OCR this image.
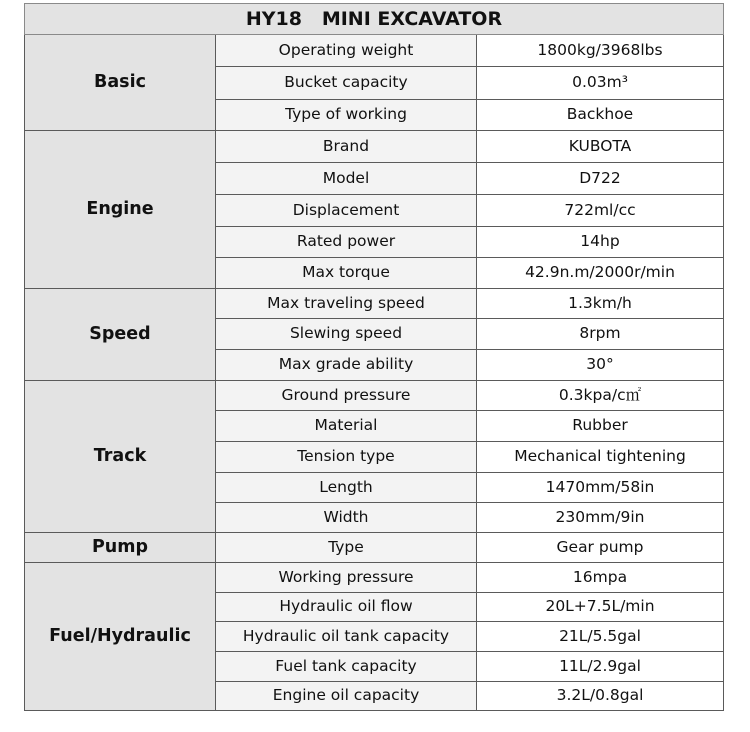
HY18   MINI EXCAVATOR		
Basic	Operating weight	1800kg/3968lbs
	Bucket capacity	0.03m³
	Type of working	Backhoe
Engine	Brand	KUBOTA
	Model	D722
	Displacement	722ml/cc
	Rated power	14hp
	Max torque	42.9n.m/2000r/min
Speed	Max traveling speed	1.3km/h
	Slewing speed	8rpm
	Max grade ability	30°
Track	Ground pressure	0.3kpa/c㎡
	Material	Rubber
	Tension type	Mechanical tightening
	Length	1470mm/58in
	Width	230mm/9in
Pump	Type	Gear pump
Fuel/Hydraulic	Working pressure	16mpa
	Hydraulic oil flow	20L+7.5L/min
	Hydraulic oil tank capacity	21L/5.5gal
	Fuel tank capacity	11L/2.9gal
	Engine oil capacity	3.2L/0.8gal
